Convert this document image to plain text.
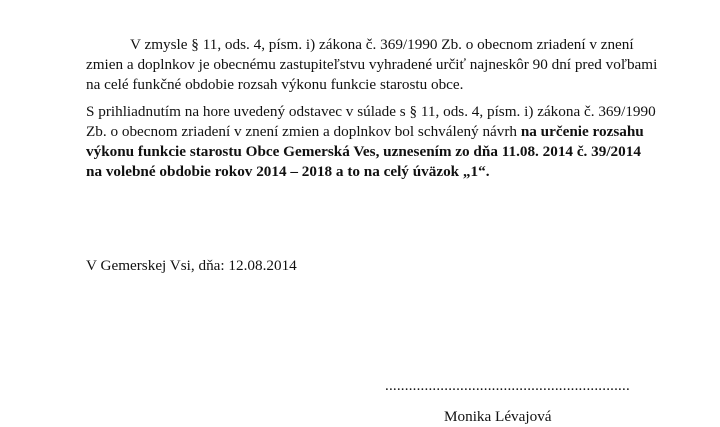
V zmysle § 11, ods. 4, písm. i) zákona č. 369/1990 Zb. o obecnom zriadení v znení
zmien a doplnkov je obecnému zastupiteľstvu vyhradené určiť najneskôr 90 dní pred voľbami
na celé funkčné obdobie rozsah výkonu funkcie starostu obce.

S prihliadnutím na hore uvedený odstavec v súlade s § 11, ods. 4, písm. i) zákona č. 369/1990
Zb. o obecnom zriadení v znení zmien a doplnkov bol schválený návrh na určenie rozsahu
výkonu funkcie starostu Obce Gemerská Ves, uznesením zo dňa 11.08. 2014 č. 39/2014
na volebné obdobie rokov 2014 – 2018 a to na celý úväzok „1“.

V Gemerskej Vsi, dňa: 12.08.2014
..............................................................
Monika Lévajová
